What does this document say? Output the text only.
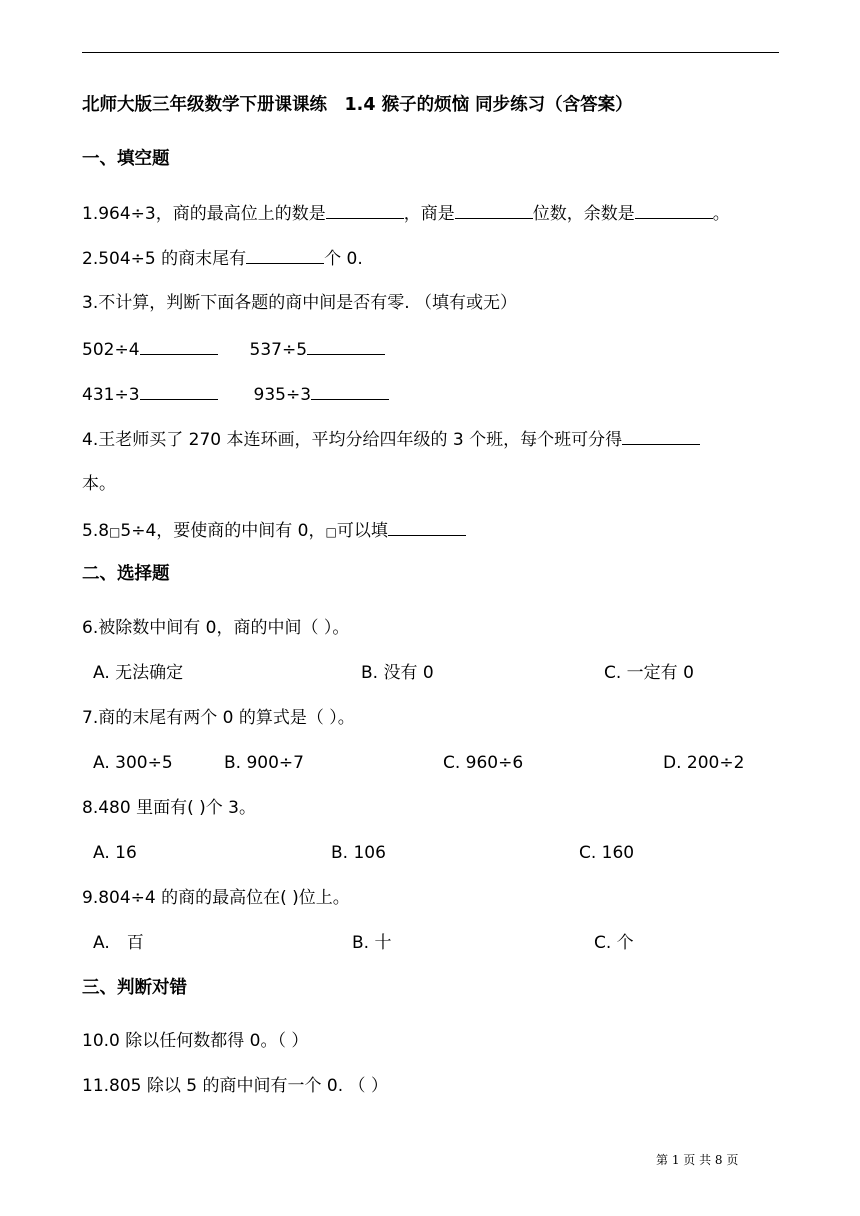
北师大版三年级数学下册课课练　1.4 猴子的烦恼 同步练习（含答案）
一、填空题
1.964÷3，商的最高位上的数是	，商是	位数，余数是	。
2.504÷5 的商末尾有	个 0.
3.不计算，判断下面各题的商中间是否有零. （填有或无）
502÷4	537÷5
431÷3	935÷3
4.王老师买了 270 本连环画，平均分给四年级的 3 个班，每个班可分得
本。
5.8□5÷4，要使商的中间有 0，□可以填
二、选择题
6.被除数中间有 0，商的中间（ ）。
A. 无法确定	B. 没有 0	C. 一定有 0
7.商的末尾有两个 0 的算式是（ ）。
A. 300÷5	B. 900÷7	C. 960÷6	D. 200÷2
8.480 里面有( )个 3。
A. 16	B. 106	C. 160
9.804÷4 的商的最高位在( )位上。
A.　百	B. 十	C. 个
三、判断对错
10.0 除以任何数都得 0。（ ）
11.805 除以 5 的商中间有一个 0. （ ）
第 1 页 共 8 页
